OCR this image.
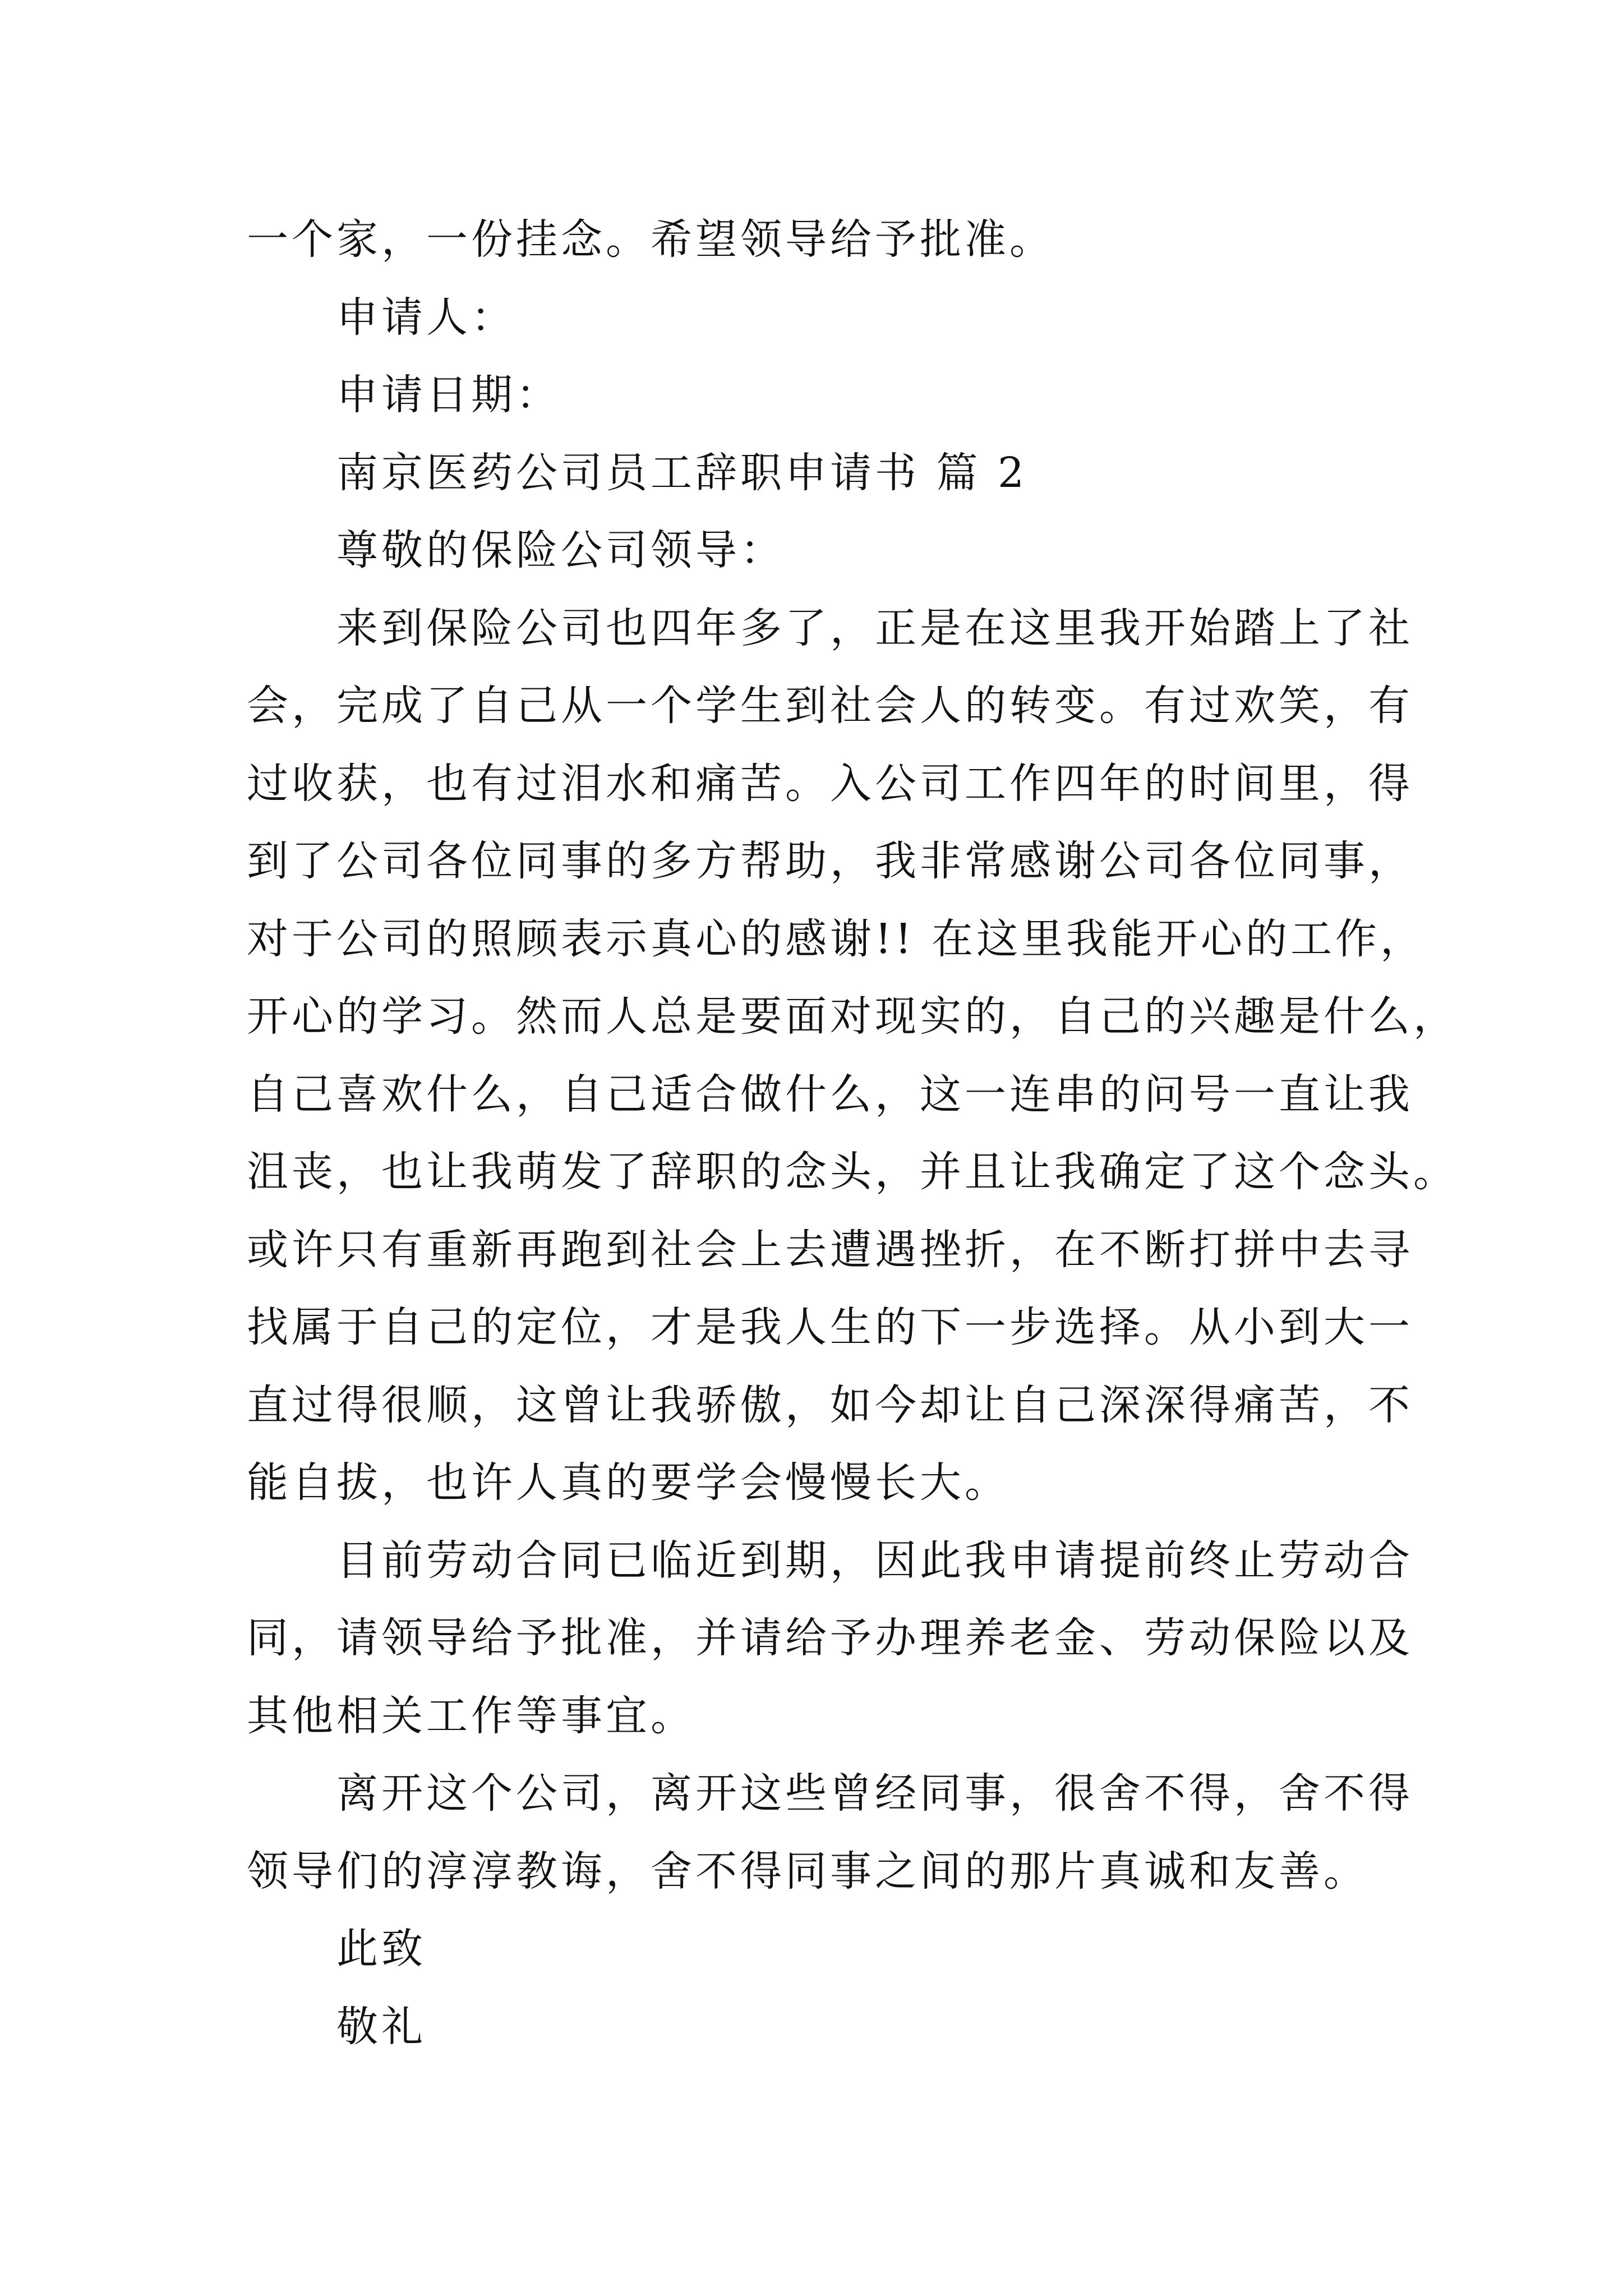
一个家，一份挂念。希望领导给予批准。
申请人：
申请日期：
南京医药公司员工辞职申请书 篇 2
尊敬的保险公司领导：
来到保险公司也四年多了，正是在这里我开始踏上了社
会，完成了自己从一个学生到社会人的转变。有过欢笑，有
过收获，也有过泪水和痛苦。入公司工作四年的时间里，得
到了公司各位同事的多方帮助，我非常感谢公司各位同事，
对于公司的照顾表示真心的感谢!! 在这里我能开心的工作，
开心的学习。然而人总是要面对现实的，自己的兴趣是什么，
自己喜欢什么，自己适合做什么，这一连串的问号一直让我
沮丧，也让我萌发了辞职的念头，并且让我确定了这个念头。
或许只有重新再跑到社会上去遭遇挫折，在不断打拼中去寻
找属于自己的定位，才是我人生的下一步选择。从小到大一
直过得很顺，这曾让我骄傲，如今却让自己深深得痛苦，不
能自拔，也许人真的要学会慢慢长大。
目前劳动合同已临近到期，因此我申请提前终止劳动合
同，请领导给予批准，并请给予办理养老金、劳动保险以及
其他相关工作等事宜。
离开这个公司，离开这些曾经同事，很舍不得，舍不得
领导们的淳淳教诲，舍不得同事之间的那片真诚和友善。
此致
敬礼
